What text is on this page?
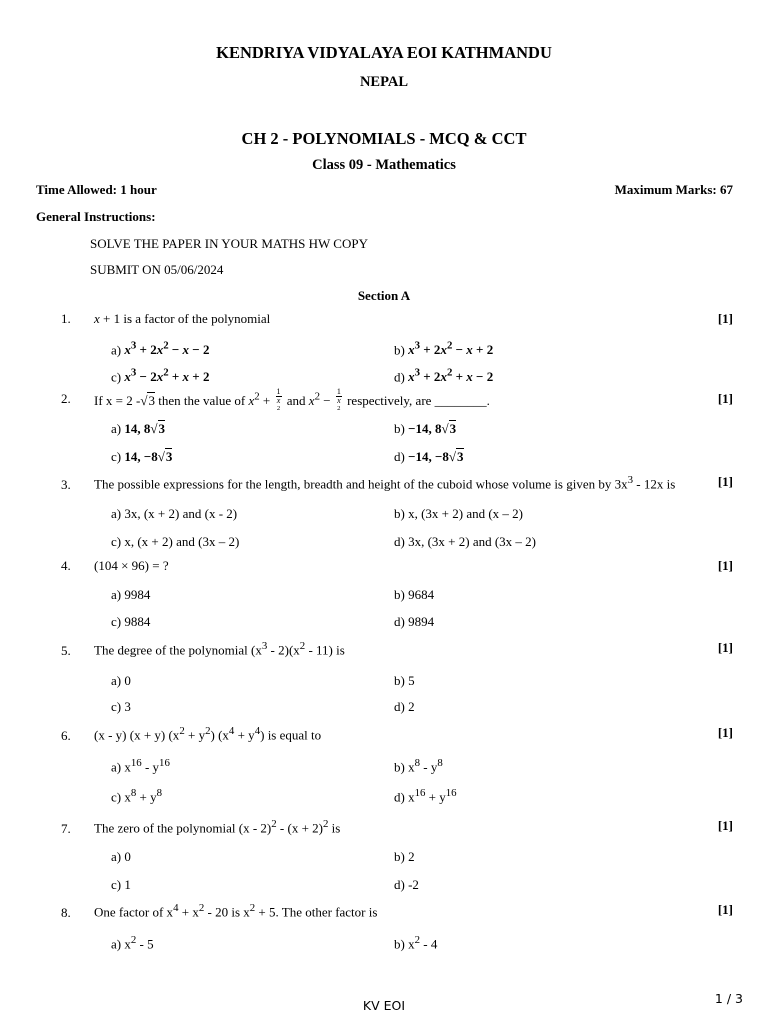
KENDRIYA VIDYALAYA EOI KATHMANDU
NEPAL
CH 2 - POLYNOMIALS - MCQ & CCT
Class 09 - Mathematics
Time Allowed: 1 hour	Maximum Marks: 67
General Instructions:
SOLVE THE PAPER IN YOUR MATHS HW COPY
SUBMIT ON 05/06/2024
Section A
1. x + 1 is a factor of the polynomial	[1]
a) $x^3 + 2x^2 - x - 2$	b) $x^3 + 2x^2 - x + 2$
c) $x^3 - 2x^2 + x + 2$	d) $x^3 + 2x^2 + x - 2$
2. If x = 2 -√3 then the value of $x^2 + 1$
x
$^2$ and $x^2 - 1$
x
$^2$ respectively, are ________.	[1]
a) 14, 8√3	b) −14, 8√3
c) 14, −8√3	d) −14, −8√3
3. The possible expressions for the length, breadth and height of the cuboid whose volume is given by $3x^3 - 12x$ is	[1]
a) 3x, (x + 2) and (x - 2)	b) x, (3x + 2) and (x – 2)
c) x, (x + 2) and (3x – 2)	d) 3x, (3x + 2) and (3x – 2)
4. (104 × 96) = ?	[1]
a) 9984	b) 9684
c) 9884	d) 9894
5. The degree of the polynomial $(x^3 - 2)(x^2 - 11)$ is	[1]
a) 0	b) 5
c) 3	d) 2
6. (x - y) (x + y) $(x^2 + y^2) (x^4 + y^4)$ is equal to	[1]
a) $x^{16} - y^{16}$	b) $x^8 - y^8$
c) $x^8 + y^8$	d) $x^{16} + y^{16}$
7. The zero of the polynomial $(x - 2)^2 - (x + 2)^2$ is	[1]
a) 0	b) 2
c) 1	d) -2
8. One factor of $x^4 + x^2 - 20$ is $x^2 + 5$. The other factor is	[1]
a) $x^2 - 5$	b) $x^2 - 4$
KV EOI	1 / 3
